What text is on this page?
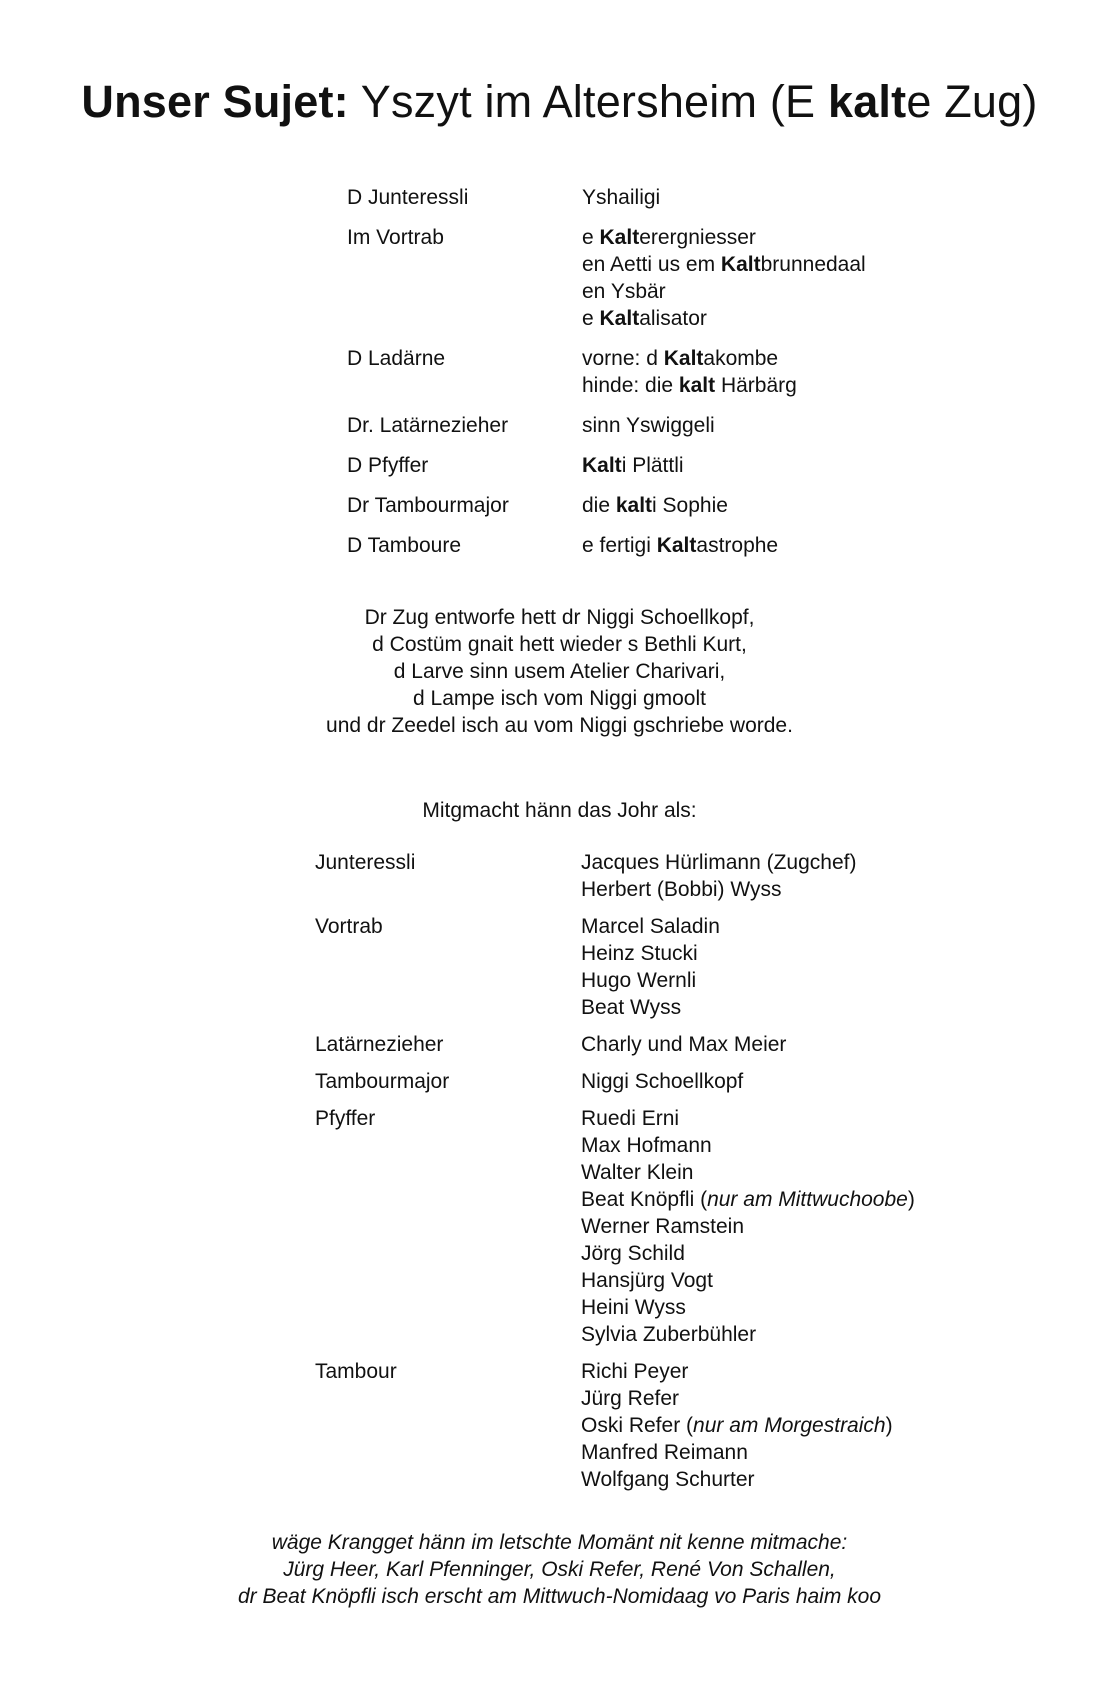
Unser Sujet: Yszyt im Altersheim (E kalte Zug)
D Junteressli	Yshailigi
Im Vortrab	e Kalterergniesser
en Aetti us em Kaltbrunnedaal
en Ysbär
e Kaltalisator
D Ladärne	vorne: d Kaltakombe
hinde: die kalt Härbärg
Dr. Latärnezieher	sinn Yswiggeli
D Pfyffer	Kalti Plättli
Dr Tambourmajor	die kalti Sophie
D Tamboure	e fertigi Kaltastrophe
Dr Zug entworfe hett dr Niggi Schoellkopf,
d Costüm gnait hett wieder s Bethli Kurt,
d Larve sinn usem Atelier Charivari,
d Lampe isch vom Niggi gmoolt
und dr Zeedel isch au vom Niggi gschriebe worde.
Mitgmacht hänn das Johr als:
Junteressli	Jacques Hürlimann (Zugchef)
Herbert (Bobbi) Wyss
Vortrab	Marcel Saladin
Heinz Stucki
Hugo Wernli
Beat Wyss
Latärnezieher	Charly und Max Meier
Tambourmajor	Niggi Schoellkopf
Pfyffer	Ruedi Erni
Max Hofmann
Walter Klein
Beat Knöpfli (nur am Mittwuchoobe)
Werner Ramstein
Jörg Schild
Hansjürg Vogt
Heini Wyss
Sylvia Zuberbühler
Tambour	Richi Peyer
Jürg Refer
Oski Refer (nur am Morgestraich)
Manfred Reimann
Wolfgang Schurter
wäge Krangget hänn im letschte Momänt nit kenne mitmache:
Jürg Heer, Karl Pfenninger, Oski Refer, René Von Schallen,
dr Beat Knöpfli isch erscht am Mittwuch-Nomidaag vo Paris haim koo
